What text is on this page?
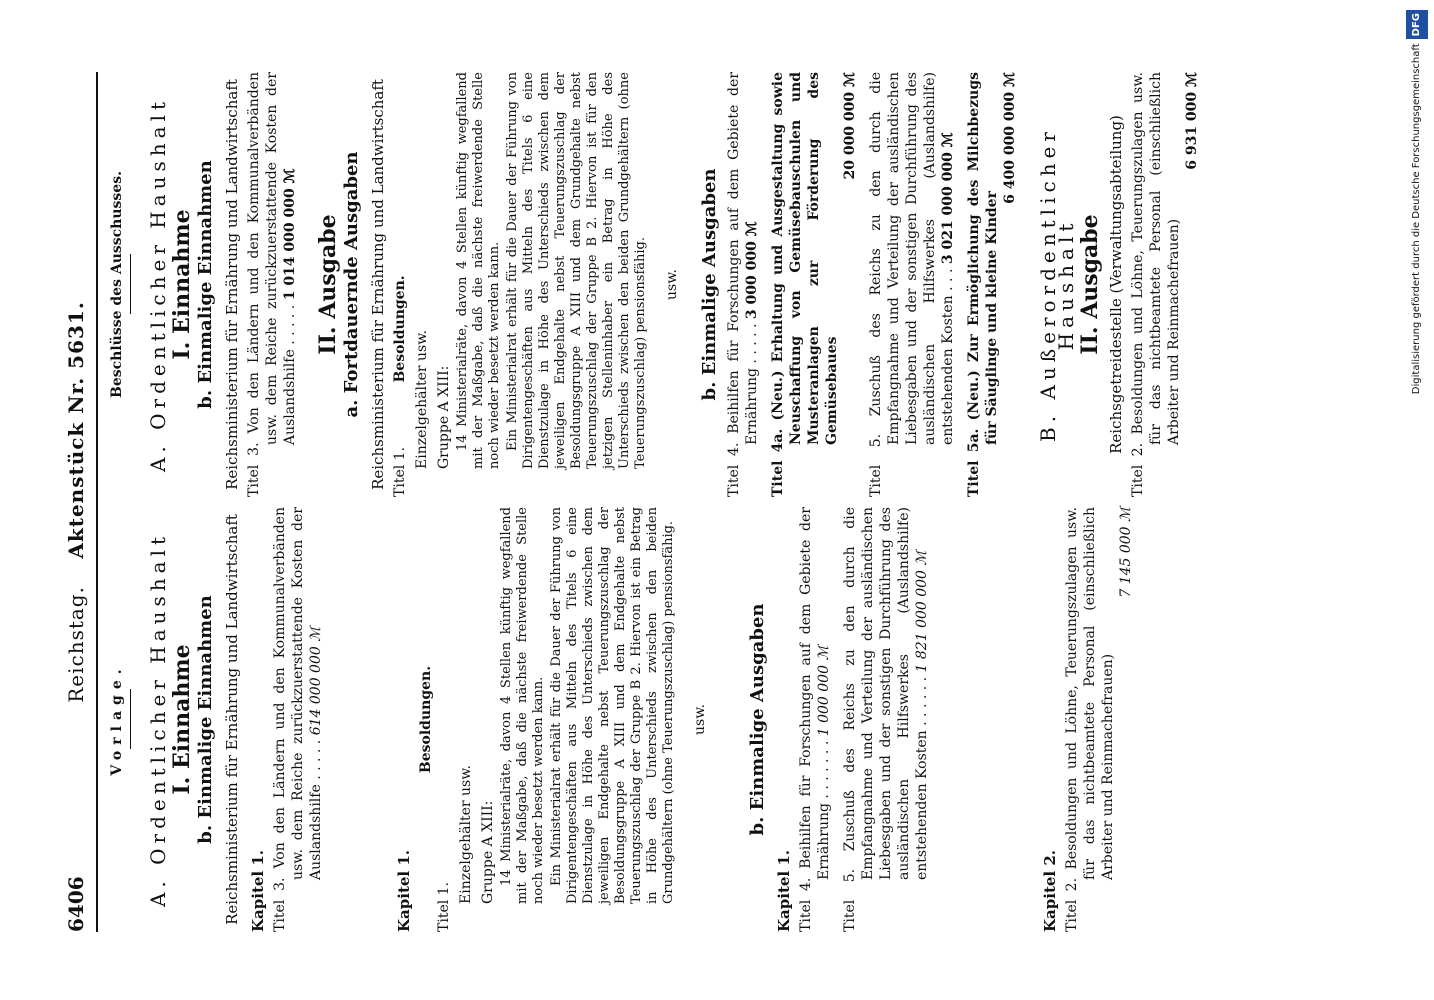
6406
Reichstag. Aktenstück Nr. 5631.
Vorlage. A. Ordentlicher Haushalt I. Einnahme b. Einmalige Einnahmen Reichsministerium für Ernährung und Landwirtschaft Kapitel 1. Titel 3. Von den Ländern und den Kommunalverbänden usw. dem Reiche zurückzuerstattende Kosten der Auslandshilfe . . . . . 614 000 000 ℳ
Kapitel 1.
Besoldungen.
Titel 1.
Einzelgehälter usw. Gruppe A XIII: 14 Ministerialräte, davon 4 Stellen künftig wegfallend mit der Maßgabe, daß die nächste freiwerdende Stelle noch wieder besetzt werden kann. Ein Ministerialrat erhält für die Dauer der Führung von Dirigentengeschäften aus Mitteln des Titels 6 eine Dienstzulage in Höhe des Unterschieds zwischen dem jeweiligen Endgehalte nebst Teuerungszuschlag der Besoldungsgruppe A XIII und dem Endgehalte nebst Teuerungszuschlag der Gruppe B 2. Hiervon ist ein Betrag in Höhe des Unterschieds zwischen den beiden Grundgehältern (ohne Teuerungszuschlag) pensionsfähig. usw. b. Einmalige Ausgaben
Kapitel 1. Titel 4. Beihilfen für Forschungen auf dem Gebiete der Ernährung . . . . . . . 1 000 000 ℳ Titel 5. Zuschuß des Reichs zu den durch die Empfangnahme und Verteilung der ausländischen Liebesgaben und der sonstigen Durchführung des ausländischen Hilfswerkes (Auslandshilfe) entstehenden Kosten . . . . . . 1 821 000 000 ℳ
Kapitel 2. Titel 2. Besoldungen und Löhne, Teuerungszulagen usw. für das nichtbeamtete Personal (einschließlich Arbeiter und Reinmachefrauen)
7 145 000 ℳ
Beschlüsse des Ausschusses. A. Ordentlicher Haushalt I. Einnahme b. Einmalige Einnahmen Reichsministerium für Ernährung und Landwirtschaft Titel 3. Von den Ländern und den Kommunalverbänden usw. dem Reiche zurückzuerstattende Kosten der Auslandshilfe . . . . . 1 014 000 000 ℳ II. Ausgabe a. Fortdauernde Ausgaben Reichsministerium für Ernährung und Landwirtschaft Titel 1. Besoldungen.
Einzelgehälter usw. Gruppe A XIII: 14 Ministerialräte, davon 4 Stellen künftig wegfallend mit der Maßgabe, daß die nächste freiwerdende Stelle noch wieder besetzt werden kann. Ein Ministerialrat erhält für die Dauer der Führung von Dirigentengeschäften aus Mitteln des Titels 6 eine Dienstzulage in Höhe des Unterschieds zwischen dem jeweiligen Endgehalte nebst Teuerungszuschlag der Besoldungsgruppe A XIII und dem Grundgehalte nebst Teuerungszuschlag der Gruppe B 2. Hiervon ist für den jetzigen Stelleninhaber ein Betrag in Höhe des Unterschieds zwischen den beiden Grundgehältern (ohne Teuerungszuschlag) pensionsfähig. usw. b. Einmalige Ausgaben Titel 4. Beihilfen für Forschungen auf dem Gebiete der Ernährung . . . . . 3 000 000 ℳ Titel 4a. (Neu.) Erhaltung und Ausgestaltung sowie Neuschaffung von Gemüsebauschulen und Musteranlagen zur Förderung des Gemüsebaues
20 000 000 ℳ Titel 5. Zuschuß des Reichs zu den durch die Empfangnahme und Verteilung der ausländischen Liebesgaben und der sonstigen Durchführung des ausländischen Hilfswerkes (Auslandshilfe) entstehenden Kosten . . . 3 021 000 000 ℳ Titel 5a. (Neu.) Zur Ermöglichung des Milchbezugs für Säuglinge und kleine Kinder
6 400 000 000 ℳ B. Außerordentlicher Haushalt II. Ausgabe Reichsgetreidestelle (Verwaltungsabteilung) Titel 2. Besoldungen und Löhne, Teuerungszulagen usw. für das nichtbeamtete Personal (einschließlich Arbeiter und Reinmachefrauen)
6 931 000 ℳ	Digitalisierung gefördert durch die Deutsche ForschungsgemeinschaftDFG
